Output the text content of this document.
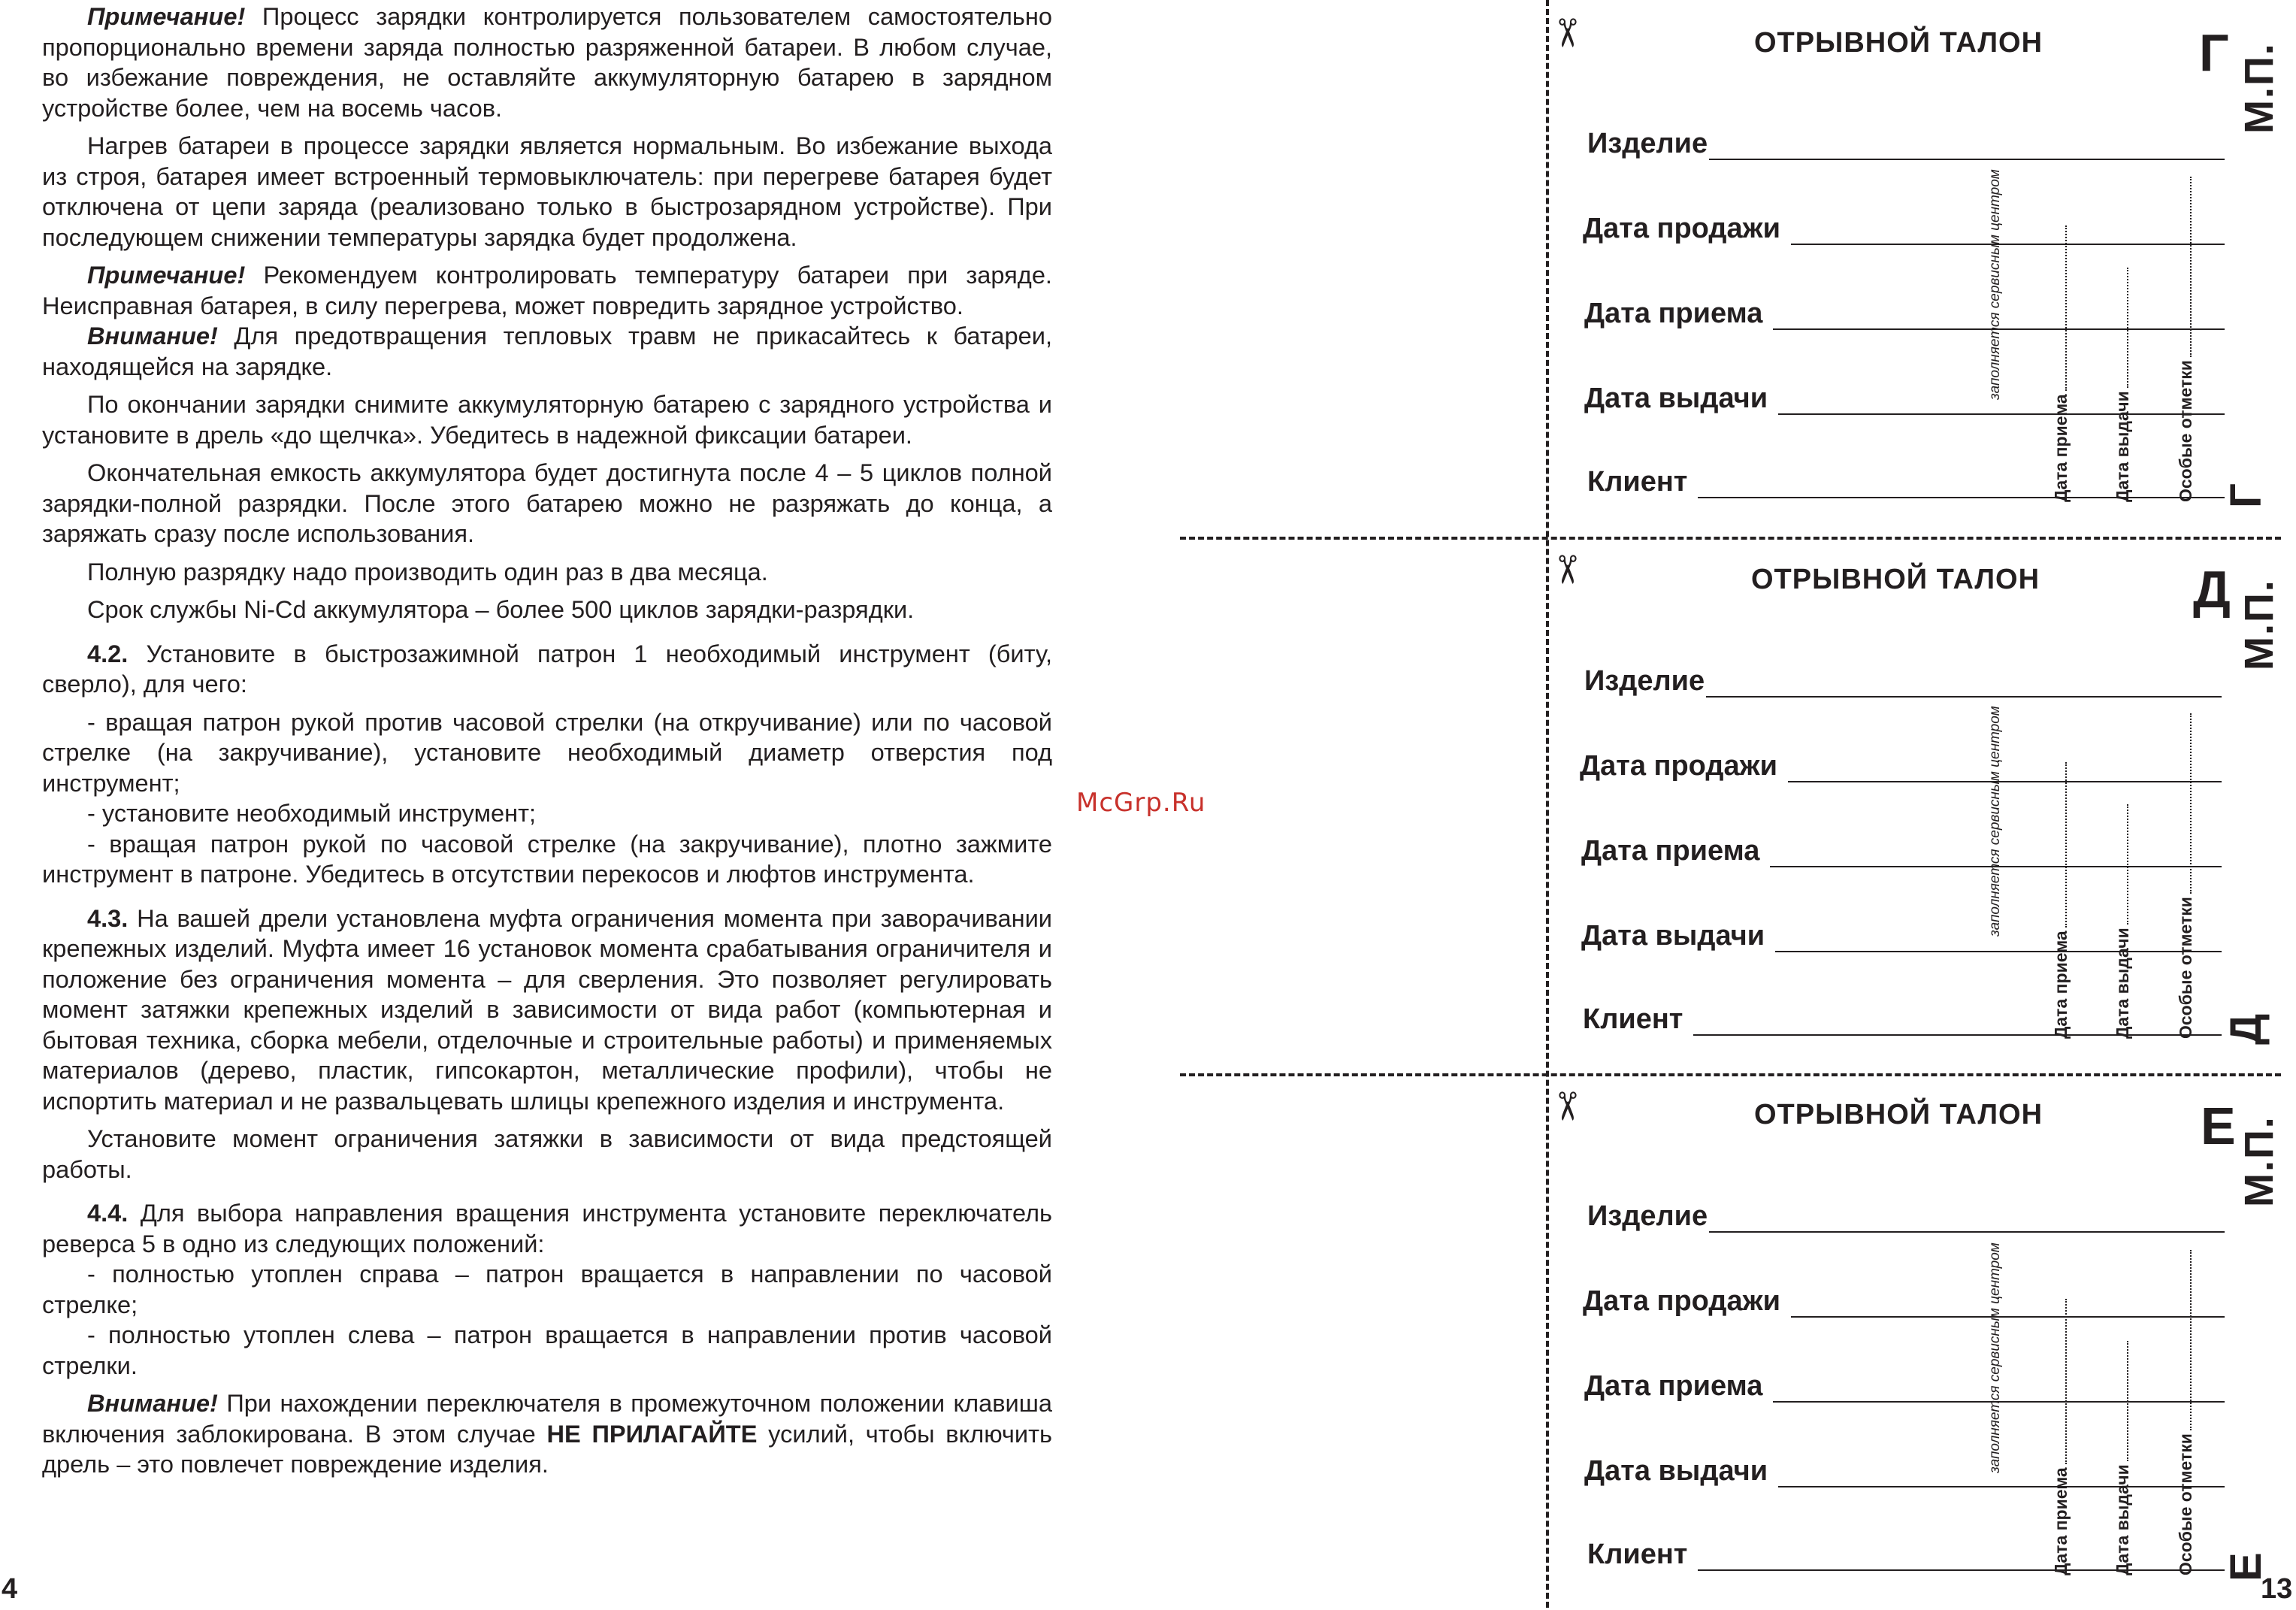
Примечание! Процесс зарядки контролируется пользователем самостоятельно пропорционально времени заряда полностью разряженной батареи. В любом случае, во избежание повреждения, не оставляйте аккумуляторную батарею в зарядном устройстве более, чем на восемь часов.

Нагрев батареи в процессе зарядки является нормальным. Во избежание выхода из строя, батарея имеет встроенный термовыключатель: при перегреве батарея будет отключена от цепи заряда (реализовано только в быстрозарядном устройстве). При последующем снижении температуры зарядка будет продолжена.

Примечание! Рекомендуем контролировать температуру батареи при заряде. Неисправная батарея, в силу перегрева, может повредить зарядное устройство.

Внимание! Для предотвращения тепловых травм не прикасайтесь к батареи, находящейся на зарядке.

По окончании зарядки снимите аккумуляторную батарею с зарядного устройства и установите в дрель «до щелчка». Убедитесь в надежной фиксации батареи.

Окончательная емкость аккумулятора будет достигнута после 4 – 5 циклов полной зарядки-полной разрядки. После этого батарею можно не разряжать до конца, а заряжать сразу после использования.

Полную разрядку надо производить один раз в два месяца.

Срок службы Ni-Cd аккумулятора – более 500 циклов зарядки-разрядки.

4.2. Установите в быстрозажимной патрон 1 необходимый инструмент (биту, сверло), для чего:

- вращая патрон рукой против часовой стрелки (на откручивание) или по часовой стрелке (на закручивание), установите необходимый диаметр отверстия под инструмент;

- установите необходимый инструмент;

- вращая патрон рукой по часовой стрелке (на закручивание), плотно зажмите инструмент в патроне. Убедитесь в отсутствии перекосов и люфтов инструмента.

4.3. На вашей дрели установлена муфта ограничения момента при заворачивании крепежных изделий. Муфта имеет 16 установок момента срабатывания ограничителя и положение без ограничения момента – для сверления. Это позволяет регулировать момент затяжки крепежных изделий в зависимости от вида работ (компьютерная и бытовая техника, сборка мебели, отделочные и строительные работы) и применяемых материалов (дерево, пластик, гипсокартон, металлические профили), чтобы не испортить материал и не развальцевать шлицы крепежного изделия и инструмента.

Установите момент ограничения затяжки в зависимости от вида предстоящей работы.

4.4. Для выбора направления вращения инструмента установите переключатель реверса 5 в одно из следующих положений:

- полностью утоплен справа – патрон вращается в направлении по часовой стрелке;

- полностью утоплен слева – патрон вращается в направлении против часовой стрелки.

Внимание! При нахождении переключателя в промежуточном положении клавиша включения заблокирована. В этом случае НЕ ПРИЛАГАЙТЕ усилий, чтобы включить дрель – это повлечет повреждение изделия.

4
McGrp.Ru
заполняется сервисным центром
Дата приема Дата выдачи	Особые отметки Г
М.П.
заполняется сервисным центром
Дата приема Дата выдачи	Особые отметки Д
М.П.
заполняется сервисным центром
Дата приема Дата выдачи	Особые отметки Е
М.П.
✂	ОТРЫВНОЙ ТАЛОН	Г
Изделие
Дата продажи
Дата приема
Дата выдачи
Клиент
✂	ОТРЫВНОЙ ТАЛОН	Д
Изделие
Дата продажи
Дата приема
Дата выдачи
Клиент
✂	ОТРЫВНОЙ ТАЛОН	Е
Изделие
Дата продажи
Дата приема
Дата выдачи
Клиент
13
